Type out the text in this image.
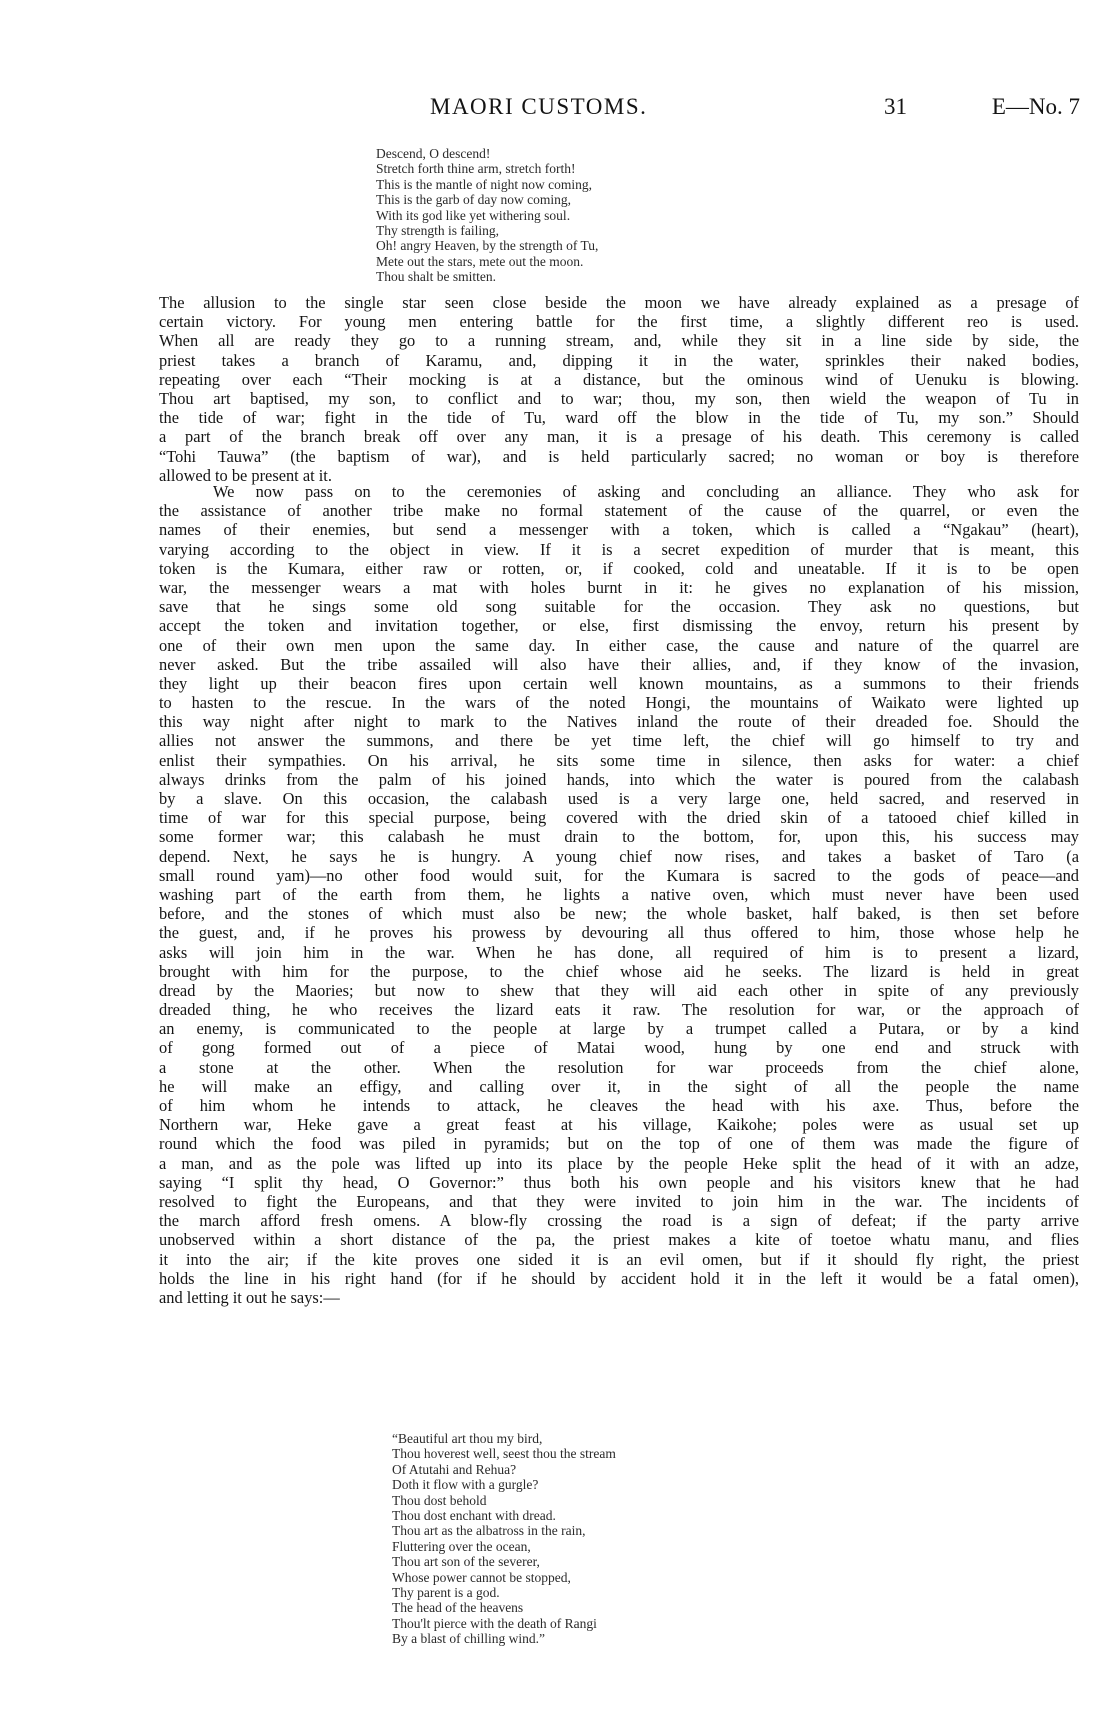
MAORI CUSTOMS.	31	E—No. 7
Descend, O descend!
Stretch forth thine arm, stretch forth!
This is the mantle of night now coming,
This is the garb of day now coming,
With its god like yet withering soul.
Thy strength is failing,
Oh! angry Heaven, by the strength of Tu,
Mete out the stars, mete out the moon.
Thou shalt be smitten.
The allusion to the single star seen close beside the moon we have already explained as a presage of
certain victory. For young men entering battle for the first time, a slightly different reo is used.
When all are ready they go to a running stream, and, while they sit in a line side by side, the
priest takes a branch of Karamu, and, dipping it in the water, sprinkles their naked bodies,
repeating over each “Their mocking is at a distance, but the ominous wind of Uenuku is blowing.
Thou art baptised, my son, to conflict and to war; thou, my son, then wield the weapon of Tu in
the tide of war; fight in the tide of Tu, ward off the blow in the tide of Tu, my son.” Should
a part of the branch break off over any man, it is a presage of his death. This ceremony is called
“Tohi Tauwa” (the baptism of war), and is held particularly sacred; no woman or boy is therefore
allowed to be present at it.
We now pass on to the ceremonies of asking and concluding an alliance. They who ask for
the assistance of another tribe make no formal statement of the cause of the quarrel, or even the
names of their enemies, but send a messenger with a token, which is called a “Ngakau” (heart),
varying according to the object in view. If it is a secret expedition of murder that is meant, this
token is the Kumara, either raw or rotten, or, if cooked, cold and uneatable. If it is to be open
war, the messenger wears a mat with holes burnt in it: he gives no explanation of his mission,
save that he sings some old song suitable for the occasion. They ask no questions, but
accept the token and invitation together, or else, first dismissing the envoy, return his present by
one of their own men upon the same day. In either case, the cause and nature of the quarrel are
never asked. But the tribe assailed will also have their allies, and, if they know of the invasion,
they light up their beacon fires upon certain well known mountains, as a summons to their friends
to hasten to the rescue. In the wars of the noted Hongi, the mountains of Waikato were lighted up
this way night after night to mark to the Natives inland the route of their dreaded foe. Should the
allies not answer the summons, and there be yet time left, the chief will go himself to try and
enlist their sympathies. On his arrival, he sits some time in silence, then asks for water: a chief
always drinks from the palm of his joined hands, into which the water is poured from the calabash
by a slave. On this occasion, the calabash used is a very large one, held sacred, and reserved in
time of war for this special purpose, being covered with the dried skin of a tatooed chief killed in
some former war; this calabash he must drain to the bottom, for, upon this, his success may
depend. Next, he says he is hungry. A young chief now rises, and takes a basket of Taro (a
small round yam)—no other food would suit, for the Kumara is sacred to the gods of peace—and
washing part of the earth from them, he lights a native oven, which must never have been used
before, and the stones of which must also be new; the whole basket, half baked, is then set before
the guest, and, if he proves his prowess by devouring all thus offered to him, those whose help he
asks will join him in the war. When he has done, all required of him is to present a lizard,
brought with him for the purpose, to the chief whose aid he seeks. The lizard is held in great
dread by the Maories; but now to shew that they will aid each other in spite of any previously
dreaded thing, he who receives the lizard eats it raw. The resolution for war, or the approach of
an enemy, is communicated to the people at large by a trumpet called a Putara, or by a kind
of gong formed out of a piece of Matai wood, hung by one end and struck with
a stone at the other. When the resolution for war proceeds from the chief alone,
he will make an effigy, and calling over it, in the sight of all the people the name
of him whom he intends to attack, he cleaves the head with his axe. Thus, before the
Northern war, Heke gave a great feast at his village, Kaikohe; poles were as usual set up
round which the food was piled in pyramids; but on the top of one of them was made the figure of
a man, and as the pole was lifted up into its place by the people Heke split the head of it with an adze,
saying “I split thy head, O Governor:” thus both his own people and his visitors knew that he had
resolved to fight the Europeans, and that they were invited to join him in the war. The incidents of
the march afford fresh omens. A blow-fly crossing the road is a sign of defeat; if the party arrive
unobserved within a short distance of the pa, the priest makes a kite of toetoe whatu manu, and flies
it into the air; if the kite proves one sided it is an evil omen, but if it should fly right, the priest
holds the line in his right hand (for if he should by accident hold it in the left it would be a fatal omen),
and letting it out he says:—
“Beautiful art thou my bird,
Thou hoverest well, seest thou the stream
Of Atutahi and Rehua?
Doth it flow with a gurgle?
Thou dost behold
Thou dost enchant with dread.
Thou art as the albatross in the rain,
Fluttering over the ocean,
Thou art son of the severer,
Whose power cannot be stopped,
Thy parent is a god.
The head of the heavens
Thou'lt pierce with the death of Rangi
By a blast of chilling wind.”
